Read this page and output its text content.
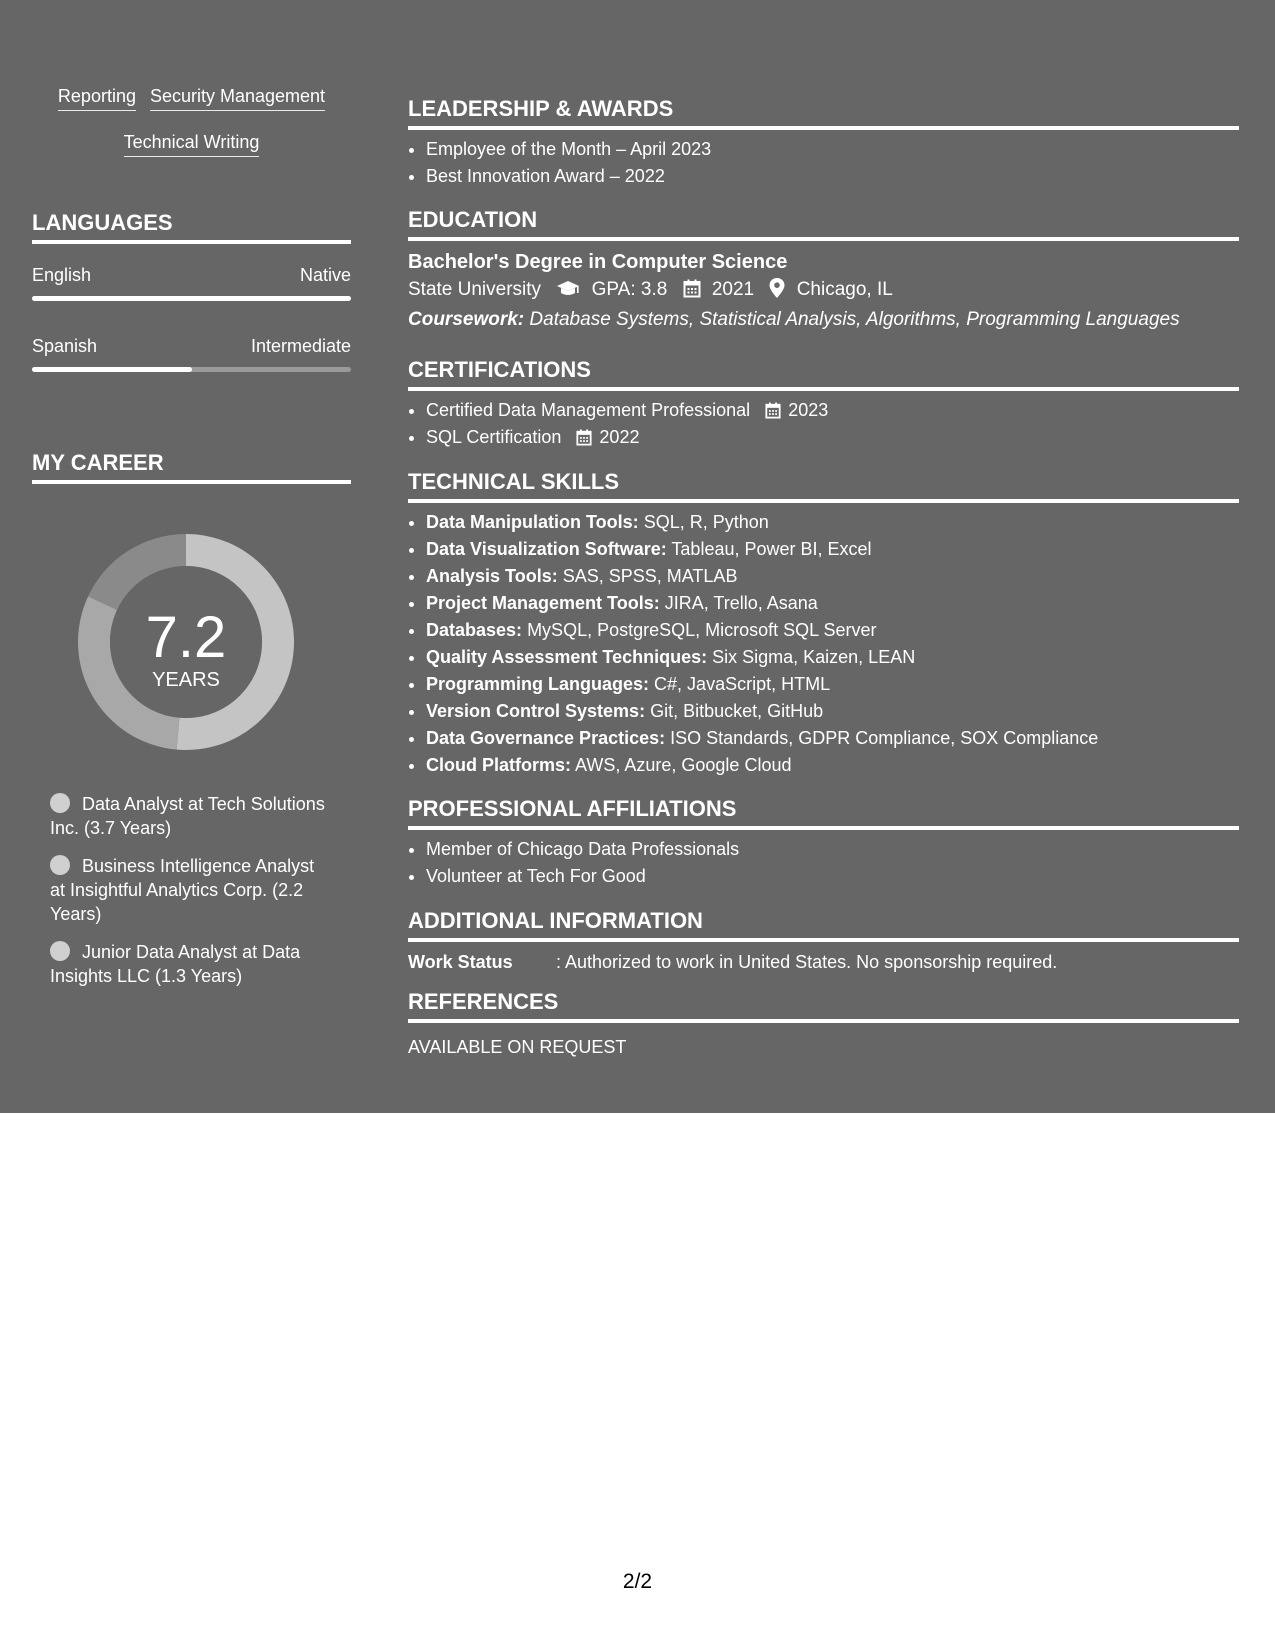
Reporting Security Management
Technical Writing
LANGUAGES
English	Native
Spanish	Intermediate
MY CAREER
7.2
YEARS
Data Analyst at Tech Solutions Inc. (3.7 Years)
Business Intelligence Analyst at Insightful Analytics Corp. (2.2 Years)
Junior Data Analyst at Data Insights LLC (1.3 Years)
LEADERSHIP & AWARDS
• Employee of the Month – April 2023
• Best Innovation Award – 2022
EDUCATION
Bachelor's Degree in Computer Science
State University	GPA: 3.8 2021 Chicago, IL
Coursework: Database Systems, Statistical Analysis, Algorithms, Programming Languages
CERTIFICATIONS
• Certified Data Management Professional 2023
• SQL Certification 2022
TECHNICAL SKILLS
• Data Manipulation Tools: SQL, R, Python
• Data Visualization Software: Tableau, Power BI, Excel
• Analysis Tools: SAS, SPSS, MATLAB
• Project Management Tools: JIRA, Trello, Asana
• Databases: MySQL, PostgreSQL, Microsoft SQL Server
• Quality Assessment Techniques: Six Sigma, Kaizen, LEAN
• Programming Languages: C#, JavaScript, HTML
• Version Control Systems: Git, Bitbucket, GitHub
• Data Governance Practices: ISO Standards, GDPR Compliance, SOX Compliance
• Cloud Platforms: AWS, Azure, Google Cloud
PROFESSIONAL AFFILIATIONS
• Member of Chicago Data Professionals
• Volunteer at Tech For Good
ADDITIONAL INFORMATION
Work Status : Authorized to work in United States. No sponsorship required.
REFERENCES
AVAILABLE ON REQUEST
2/2
